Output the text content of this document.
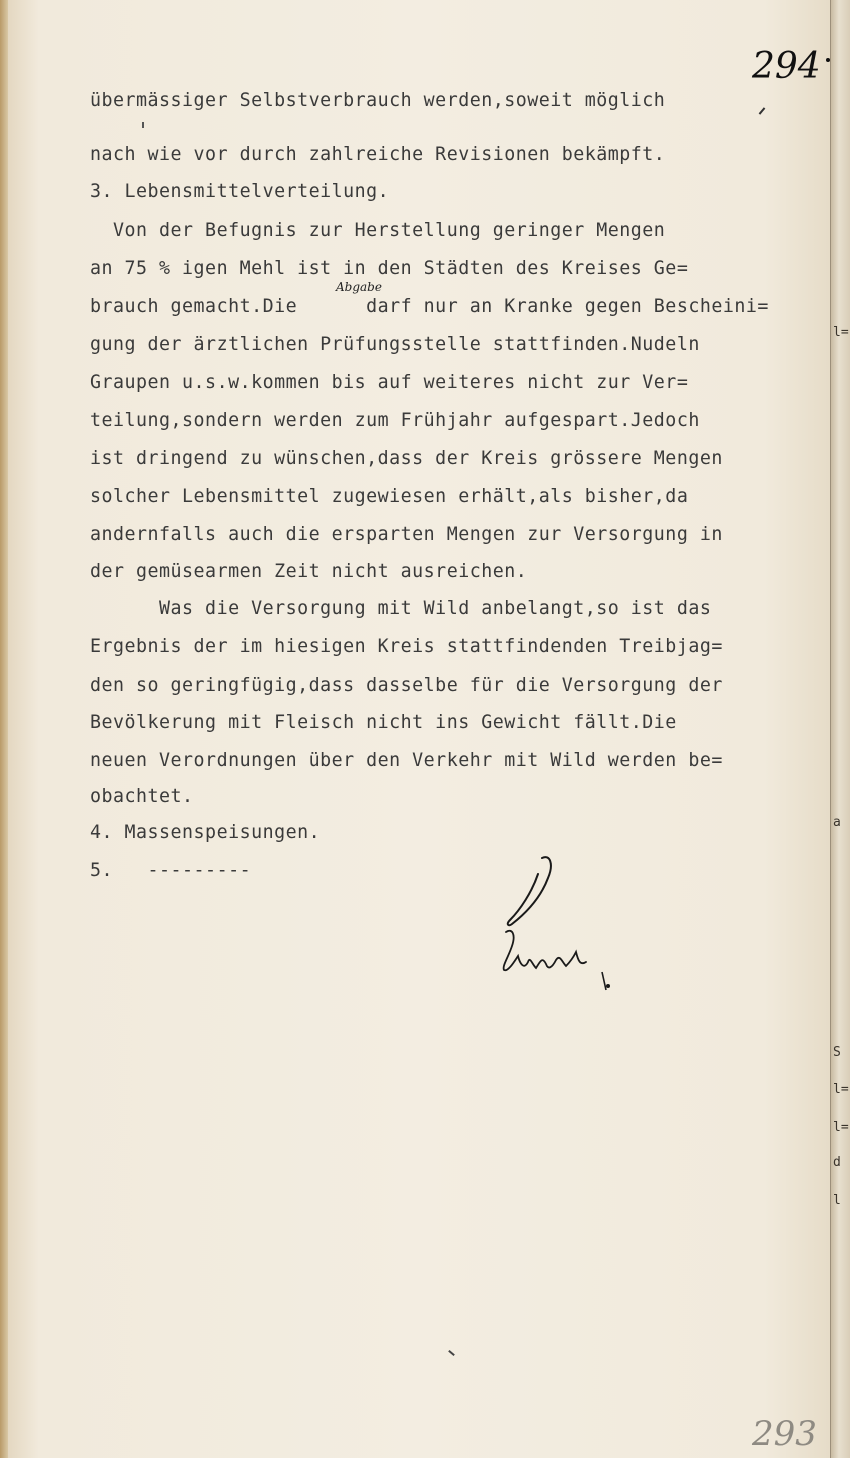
l=
a
S
l=
l=
d
l
294
übermässiger Selbstverbrauch werden,soweit möglich
nach wie vor durch zahlreiche Revisionen bekämpft.
3. Lebensmittelverteilung.
Von der Befugnis zur Herstellung geringer Mengen
an 75 % igen Mehl ist in den Städten des Kreises Ge=
brauch gemacht.Die      darf nur an Kranke gegen Bescheini=
gung der ärztlichen Prüfungsstelle stattfinden.Nudeln
Graupen u.s.w.kommen bis auf weiteres nicht zur Ver=
teilung,sondern werden zum Frühjahr aufgespart.Jedoch
ist dringend zu wünschen,dass der Kreis grössere Mengen
solcher Lebensmittel zugewiesen erhält,als bisher,da
andernfalls auch die ersparten Mengen zur Versorgung in
der gemüsearmen Zeit nicht ausreichen.
Was die Versorgung mit Wild anbelangt,so ist das
Ergebnis der im hiesigen Kreis stattfindenden Treibjag=
den so geringfügig,dass dasselbe für die Versorgung der
Bevölkerung mit Fleisch nicht ins Gewicht fällt.Die
neuen Verordnungen über den Verkehr mit Wild werden be=
obachtet.
4. Massenspeisungen.
5.   ---------
Abgabe
293
